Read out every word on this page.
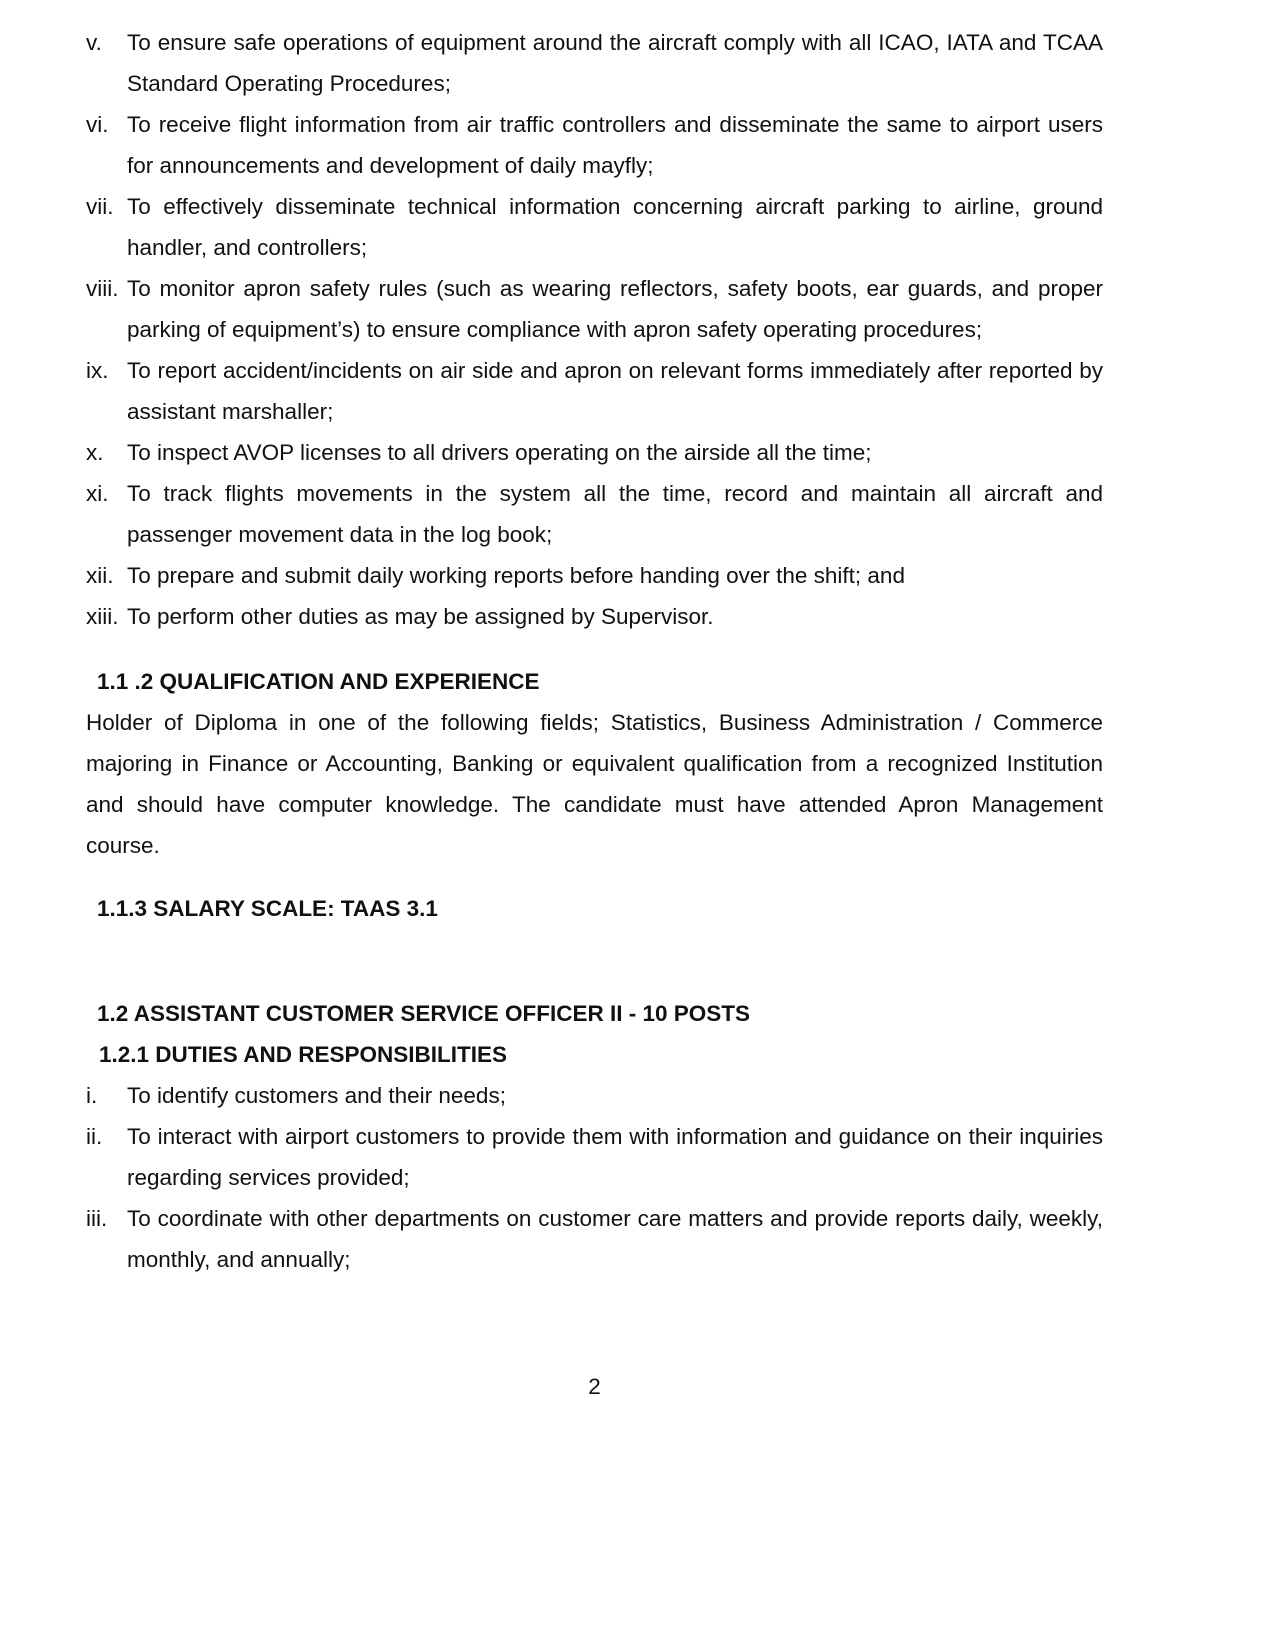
v. To ensure safe operations of equipment around the aircraft comply with all ICAO, IATA and TCAA Standard Operating Procedures;
vi. To receive flight information from air traffic controllers and disseminate the same to airport users for announcements and development of daily mayfly;
vii. To effectively disseminate technical information concerning aircraft parking to airline, ground handler, and controllers;
viii. To monitor apron safety rules (such as wearing reflectors, safety boots, ear guards, and proper parking of equipment’s) to ensure compliance with apron safety operating procedures;
ix. To report accident/incidents on air side and apron on relevant forms immediately after reported by assistant marshaller;
x. To inspect AVOP licenses to all drivers operating on the airside all the time;
xi. To track flights movements in the system all the time, record and maintain all aircraft and passenger movement data in the log book;
xii. To prepare and submit daily working reports before handing over the shift; and
xiii. To perform other duties as may be assigned by Supervisor.
1.1 .2 QUALIFICATION AND EXPERIENCE
Holder of Diploma in one of the following fields; Statistics, Business Administration / Commerce majoring in Finance or Accounting, Banking or equivalent qualification from a recognized Institution and should have computer knowledge. The candidate must have attended Apron Management course.
1.1.3 SALARY SCALE: TAAS 3.1
1.2 ASSISTANT CUSTOMER SERVICE OFFICER II - 10 POSTS
1.2.1 DUTIES AND RESPONSIBILITIES
i. To identify customers and their needs;
ii. To interact with airport customers to provide them with information and guidance on their inquiries regarding services provided;
iii. To coordinate with other departments on customer care matters and provide reports daily, weekly, monthly, and annually;
2
